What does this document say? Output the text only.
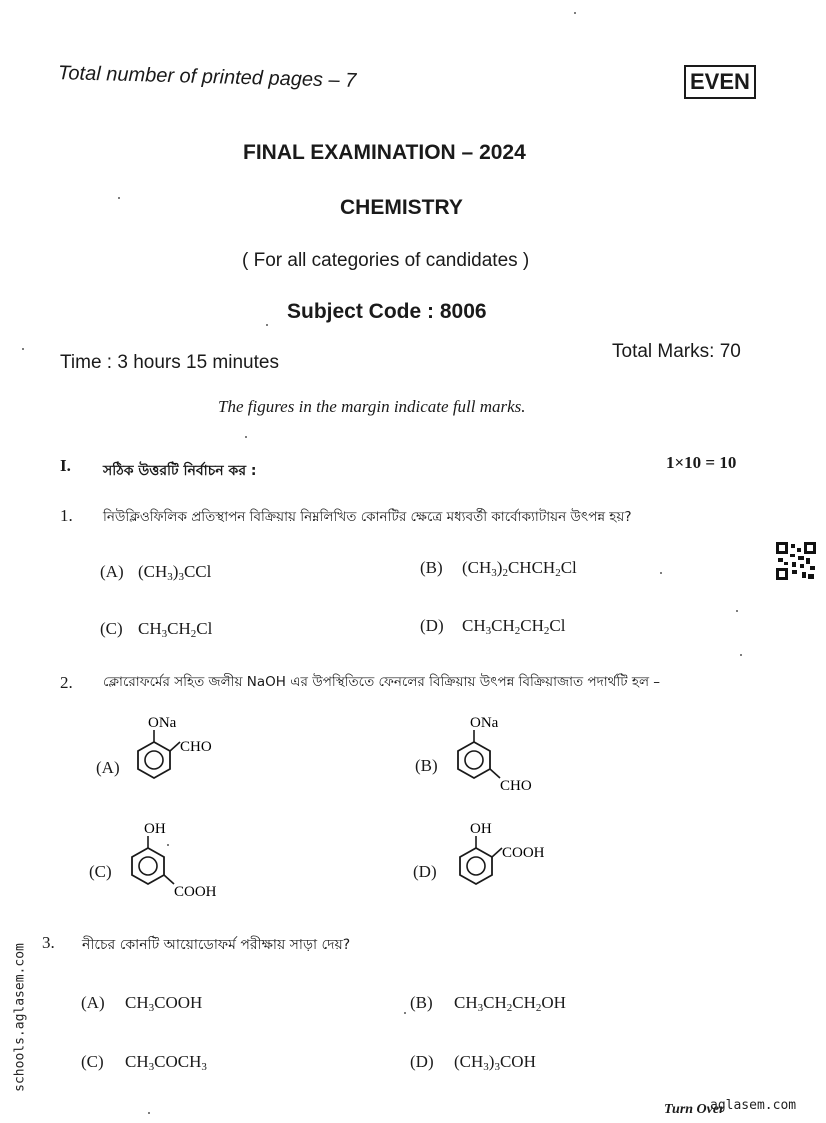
Total number of printed pages – 7	EVEN
FINAL EXAMINATION – 2024
CHEMISTRY
( For all categories of candidates )
Subject Code : 8006
Time : 3 hours 15 minutes
Total Marks: 70
The figures in the margin indicate full marks.
I. সঠিক উত্তরটি নির্বাচন কর :	1×10 = 10
1. নিউক্লিওফিলিক প্রতিস্থাপন বিক্রিয়ায় নিম্নলিখিত কোনটির ক্ষেত্রে মধ্যবর্তী কার্বোক্যাটায়ন উৎপন্ন হয়?
(A) $(CH_3)_3CCl$	(B) $(CH_3)_2CHCH_2Cl$
(C) $CH_3CH_2Cl$	(D) $CH_3CH_2CH_2Cl$
2. ক্লোরোফর্মের সহিত জলীয় NaOH এর উপস্থিতিতে ফেনলের বিক্রিয়ায় উৎপন্ন বিক্রিয়াজাত পদার্থটি হল –
(A)
ONa
CHO
(B)
ONa
CHO
(C)
OH
COOH
(D)
OH
COOH
3. নীচের কোনটি আয়োডোফর্ম পরীক্ষায় সাড়া দেয়?
(A) $CH_3COOH$	(B) $CH_3CH_2CH_2OH$
(C) $CH_3COCH_3$	(D) $(CH_3)_3COH$
Turn Over
aglasem.com
schools.aglasem.com
